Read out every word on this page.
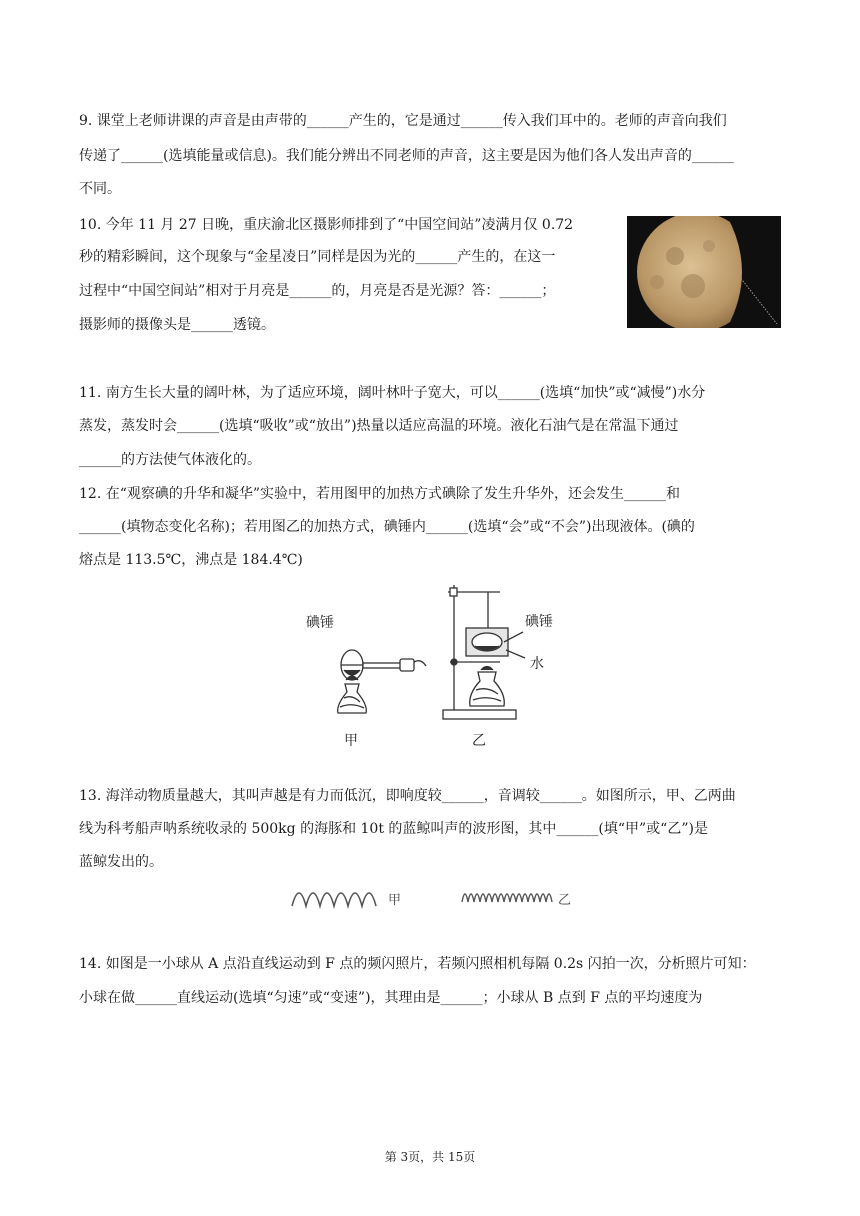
9. 课堂上老师讲课的声音是由声带的______产生的，它是通过______传入我们耳中的。老师的声音向我们
传递了______(选填能量或信息)。我们能分辨出不同老师的声音，这主要是因为他们各人发出声音的______
不同。
10. 今年 11 月 27 日晚，重庆渝北区摄影师排到了“中国空间站”凌满月仅 0.72
秒的精彩瞬间，这个现象与“金星凌日”同样是因为光的______产生的，在这一
过程中“中国空间站”相对于月亮是______的，月亮是否是光源？答：______；
摄影师的摄像头是______透镜。
11. 南方生长大量的阔叶林，为了适应环境，阔叶林叶子宽大，可以______(选填“加快”或“减慢”)水分
蒸发，蒸发时会______(选填“吸收”或“放出”)热量以适应高温的环境。液化石油气是在常温下通过
______的方法使气体液化的。
12. 在“观察碘的升华和凝华”实验中，若用图甲的加热方式碘除了发生升华外，还会发生______和
______(填物态变化名称)；若用图乙的加热方式，碘锤内______(选填“会”或“不会”)出现液体。(碘的
熔点是 113.5℃，沸点是 184.4℃)
碘锤	碘锤
水
甲	乙
13. 海洋动物质量越大，其叫声越是有力而低沉，即响度较______，音调较______。如图所示，甲、乙两曲
线为科考船声呐系统收录的 500kg 的海豚和 10t 的蓝鲸叫声的波形图，其中______(填“甲”或“乙”)是
蓝鲸发出的。
甲	乙
14. 如图是一小球从 A 点沿直线运动到 F 点的频闪照片，若频闪照相机每隔 0.2s 闪拍一次，分析照片可知：
小球在做______直线运动(选填“匀速”或“变速”)，其理由是______；小球从 B 点到 F 点的平均速度为
第 3页，共 15页
